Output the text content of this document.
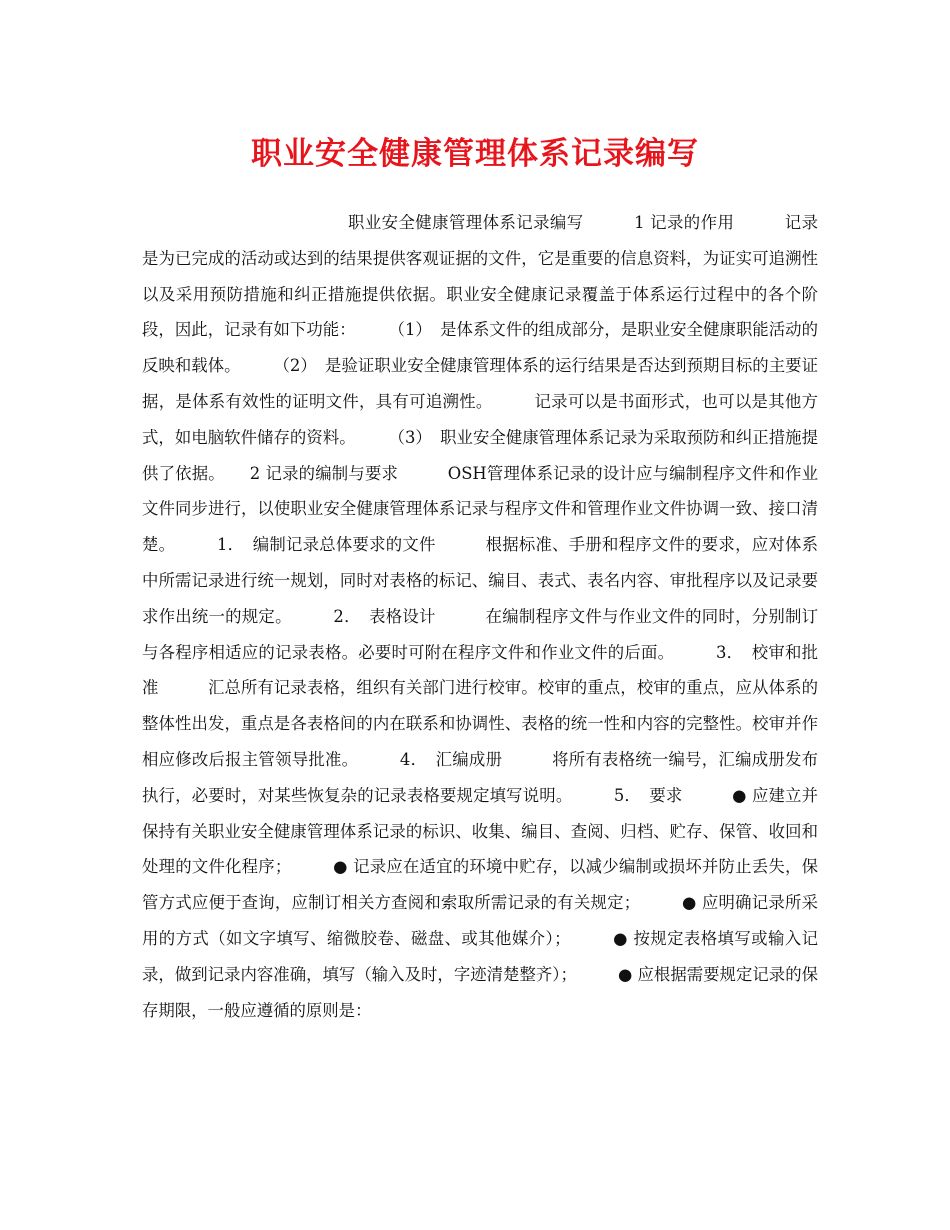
职业安全健康管理体系记录编写

职业安全健康管理体系记录编写　　　1 记录的作用　　　记录是为已完成的活动或达到的结果提供客观证据的文件，它是重要的信息资料，为证实可追溯性以及采用预防措施和纠正措施提供依据。职业安全健康记录覆盖于体系运行过程中的各个阶段，因此，记录有如下功能：　　　（1）　是体系文件的组成部分，是职业安全健康职能活动的反映和载体。　　　（2）　是验证职业安全健康管理体系的运行结果是否达到预期目标的主要证据，是体系有效性的证明文件，具有可追溯性。　　　记录可以是书面形式，也可以是其他方式，如电脑软件储存的资料。　　　（3）　职业安全健康管理体系记录为采取预防和纠正措施提供了依据。　　2 记录的编制与要求　　　OSH管理体系记录的设计应与编制程序文件和作业文件同步进行，以使职业安全健康管理体系记录与程序文件和管理作业文件协调一致、接口清楚。　　　1．　编制记录总体要求的文件　　　根据标准、手册和程序文件的要求，应对体系中所需记录进行统一规划，同时对表格的标记、编目、表式、表名内容、审批程序以及记录要求作出统一的规定。　　　2．　表格设计　　　在编制程序文件与作业文件的同时，分别制订与各程序相适应的记录表格。必要时可附在程序文件和作业文件的后面。　　　3．　校审和批准　　　汇总所有记录表格，组织有关部门进行校审。校审的重点，校审的重点，应从体系的整体性出发，重点是各表格间的内在联系和协调性、表格的统一性和内容的完整性。校审并作相应修改后报主管领导批准。　　　4．　汇编成册　　　将所有表格统一编号，汇编成册发布执行，必要时，对某些恢复杂的记录表格要规定填写说明。　　　5．　要求　　　● 应建立并保持有关职业安全健康管理体系记录的标识、收集、编目、查阅、归档、贮存、保管、收回和处理的文件化程序；　　　● 记录应在适宜的环境中贮存，以减少编制或损坏并防止丢失，保管方式应便于查询，应制订相关方查阅和索取所需记录的有关规定；　　　● 应明确记录所采用的方式（如文字填写、缩微胶卷、磁盘、或其他媒介）；　　　● 按规定表格填写或输入记录，做到记录内容准确，填写（输入及时，字迹清楚整齐）；　　　● 应根据需要规定记录的保存期限，一般应遵循的原则是：
